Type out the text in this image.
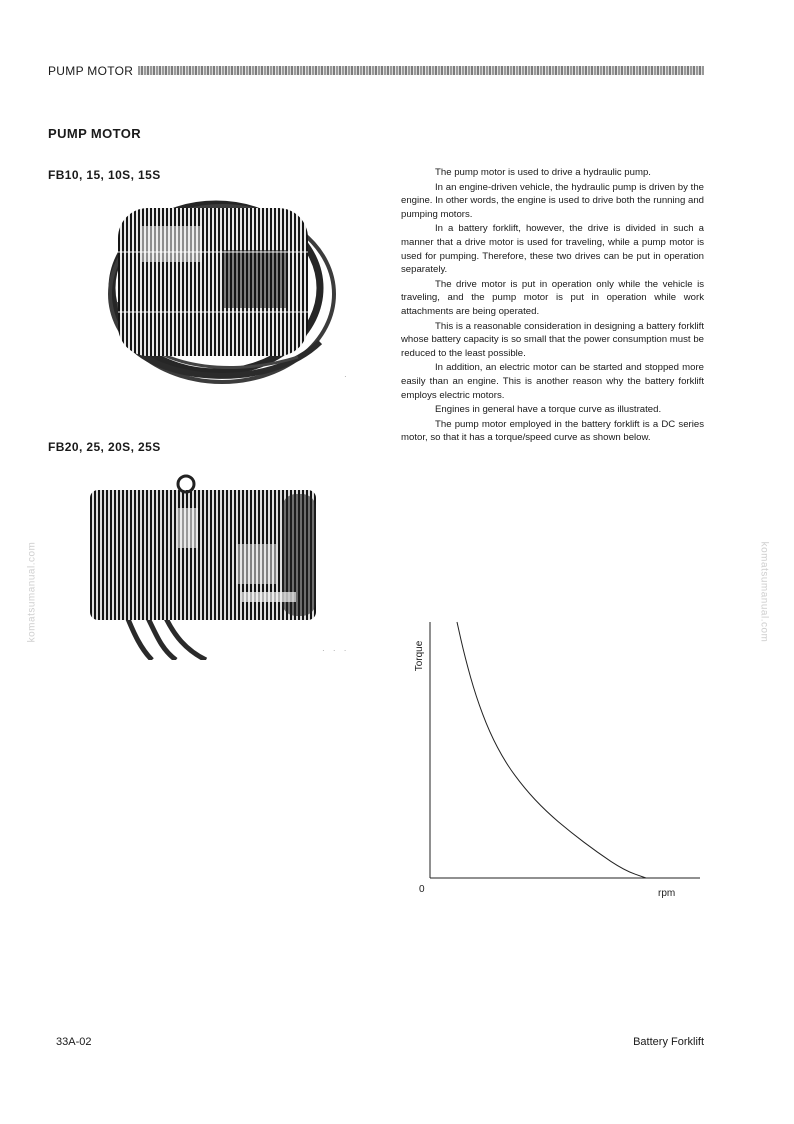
PUMP MOTOR
PUMP MOTOR
FB10, 15, 10S, 15S
FB20, 25, 20S, 25S
· · ·
·

The pump motor is used to drive a hydraulic pump.

In an engine-driven vehicle, the hydraulic pump is driven by the engine. In other words, the engine is used to drive both the running and pumping motors.

In a battery forklift, however, the drive is divided in such a manner that a drive motor is used for traveling, while a pump motor is used for pumping. Therefore, these two drives can be put in operation separately.

The drive motor is put in operation only while the vehicle is traveling, and the pump motor is put in operation while work attachments are being operated.

This is a reasonable consideration in designing a battery forklift whose battery capacity is so small that the power consumption must be reduced to the least possible.

In addition, an electric motor can be started and stopped more easily than an engine. This is another reason why the battery forklift employs electric motors.

Engines in general have a torque curve as illustrated.

The pump motor employed in the battery forklift is a DC series motor, so that it has a torque/speed curve as shown below.

Torque
rpm
0
komatsumanual.com	komatsumanual.com
33A-02	Battery Forklift
